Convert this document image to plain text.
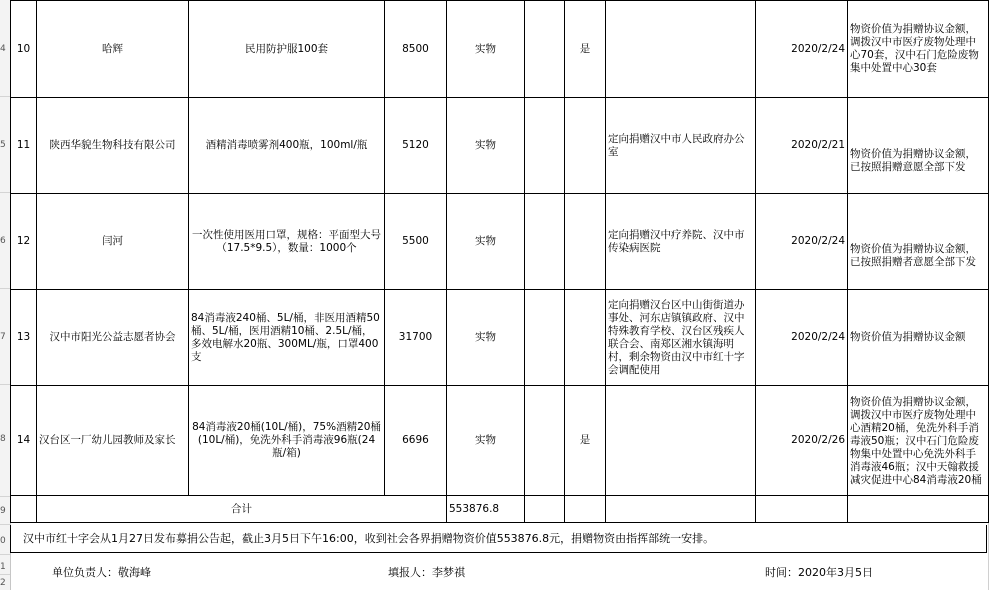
4
5
6
7
8
9
0
1
2
10	哈辉	民用防护服100套	8500	实物		是		2020/2/24	物资价值为捐赠协议金额，调拨汉中市医疗废物处理中心70套，汉中石门危险废物集中处置中心30套
11	陕西华貌生物科技有限公司	酒精消毒喷雾剂400瓶，100ml/瓶	5120	实物			定向捐赠汉中市人民政府办公室	2020/2/21	物资价值为捐赠协议金额，已按照捐赠意愿全部下发
12	闫河	一次性使用医用口罩，规格：平面型大号（17.5*9.5），数量：1000个	5500	实物			定向捐赠汉中疗养院、汉中市传染病医院	2020/2/24	物资价值为捐赠协议金额，已按照捐赠者意愿全部下发
13	汉中市阳光公益志愿者协会	84消毒液240桶、5L/桶，非医用酒精50桶、5L/桶，医用酒精10桶、2.5L/桶，多效电解水20瓶、300ML/瓶，口罩400支	31700	实物			定向捐赠汉台区中山街街道办事处、河东店镇镇政府、汉中特殊教育学校、汉台区残疾人联合会、南郑区湘水镇海明村，剩余物资由汉中市红十字会调配使用	2020/2/24	物资价值为捐赠协议金额
14	汉台区一厂幼儿园教师及家长	84消毒液20桶(10L/桶)，75%酒精20桶(10L/桶)，免洗外科手消毒液96瓶(24瓶/箱)	6696	实物		是		2020/2/26	物资价值为捐赠协议金额，调拨汉中市医疗废物处理中心酒精20桶，免洗外科手消毒液50瓶；汉中石门危险废物集中处置中心免洗外科手消毒液46瓶；汉中天翰救援减灾促进中心84消毒液20桶
	合计			553876.8					
汉中市红十字会从1月27日发布募捐公告起，截止3月5日下午16:00，收到社会各界捐赠物资价值553876.8元，捐赠物资由指挥部统一安排。
单位负责人：敬海峰	填报人：李梦祺	时间：2020年3月5日
